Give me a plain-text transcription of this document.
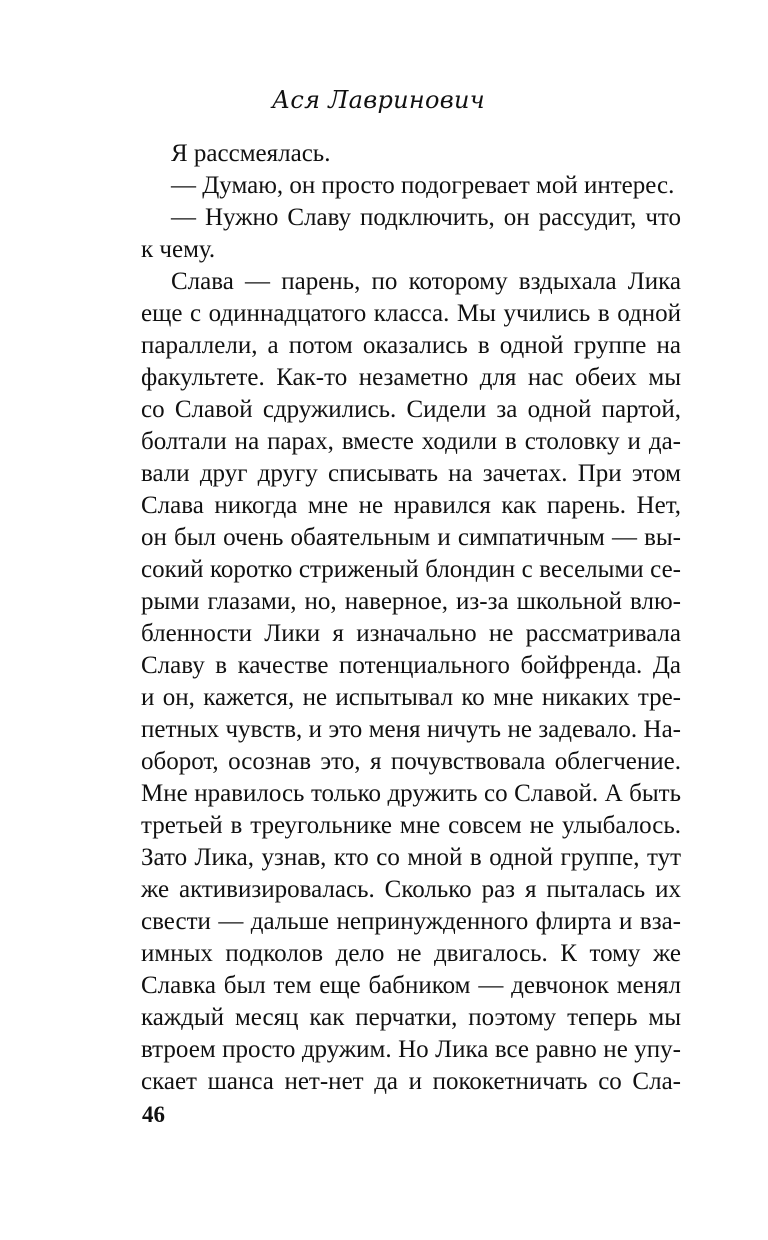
Ася Лавринович
Я рассмеялась.
— Думаю, он просто подогревает мой интерес.
— Нужно Славу подключить, он рассудит, что
к чему.
Слава — парень, по которому вздыхала Лика
еще с одиннадцатого класса. Мы учились в одной
параллели, а потом оказались в одной группе на
факультете. Как-то незаметно для нас обеих мы
со Славой сдружились. Сидели за одной партой,
болтали на парах, вместе ходили в столовку и да-
вали друг другу списывать на зачетах. При этом
Слава никогда мне не нравился как парень. Нет,
он был очень обаятельным и симпатичным — вы-
сокий коротко стриженый блондин с веселыми се-
рыми глазами, но, наверное, из-за школьной влю-
бленности Лики я изначально не рассматривала
Славу в качестве потенциального бойфренда. Да
и он, кажется, не испытывал ко мне никаких тре-
петных чувств, и это меня ничуть не задевало. На-
оборот, осознав это, я почувствовала облегчение.
Мне нравилось только дружить со Славой. А быть
третьей в треугольнике мне совсем не улыбалось.
Зато Лика, узнав, кто со мной в одной группе, тут
же активизировалась. Сколько раз я пыталась их
свести — дальше непринужденного флирта и вза-
имных подколов дело не двигалось. К тому же
Славка был тем еще бабником — девчонок менял
каждый месяц как перчатки, поэтому теперь мы
втроем просто дружим. Но Лика все равно не упу-
скает шанса нет-нет да и пококетничать со Сла-
46
